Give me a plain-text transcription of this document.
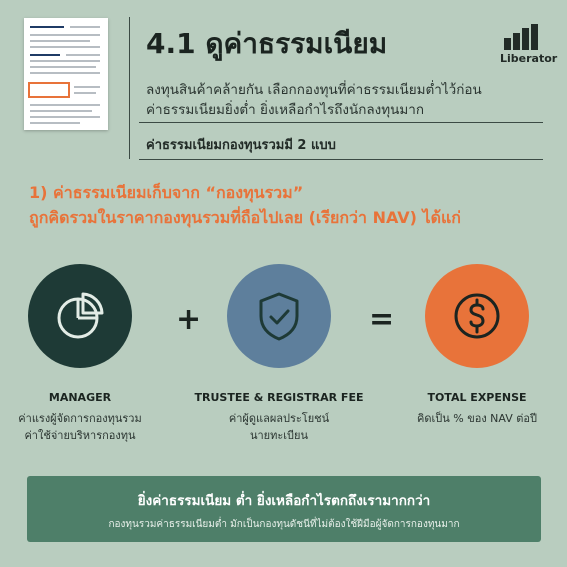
4.1 ดูค่าธรรมเนียม	Liberator
ลงทุนสินค้าคล้ายกัน เลือกกองทุนที่ค่าธรรมเนียมต่ำไว้ก่อน
ค่าธรรมเนียมยิ่งต่ำ ยิ่งเหลือกำไรถึงนักลงทุนมาก
ค่าธรรมเนียมกองทุนรวมมี 2 แบบ
1) ค่าธรรมเนียมเก็บจาก “กองทุนรวม”
ถูกคิดรวมในราคากองทุนรวมที่ถือไปเลย (เรียกว่า NAV) ได้แก่
+	=
MANAGER
ค่าแรงผู้จัดการกองทุนรวม
ค่าใช้จ่ายบริหารกองทุน
TRUSTEE & REGISTRAR FEE
ค่าผู้ดูแลผลประโยชน์
นายทะเบียน
TOTAL EXPENSE
คิดเป็น % ของ NAV ต่อปี
ยิ่งค่าธรรมเนียม ต่ำ ยิ่งเหลือกำไรตกถึงเรามากกว่า
กองทุนรวมค่าธรรมเนียมต่ำ มักเป็นกองทุนดัชนีที่ไม่ต้องใช้ฝีมือผู้จัดการกองทุนมาก
